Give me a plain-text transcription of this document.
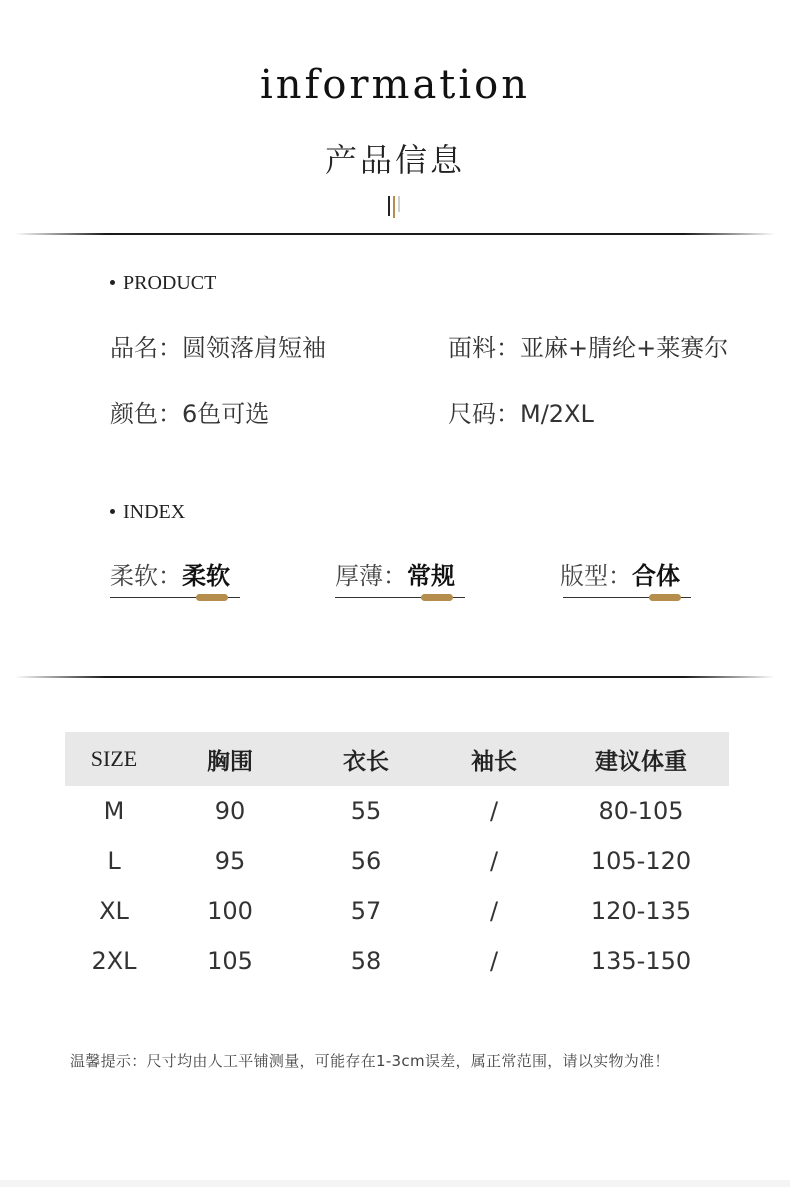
information
产品信息
PRODUCT
品名：圆领落肩短袖	面料：亚麻+腈纶+莱赛尔
颜色：6色可选	尺码：M/2XL
INDEX
柔软：柔软	厚薄：常规	版型：合体
SIZE	胸围	衣长	袖长	建议体重
M	90	55	/	80-105
L	95	56	/	105-120
XL	100	57	/	120-135
2XL	105	58	/	135-150
温馨提示：尺寸均由人工平铺测量，可能存在1-3cm误差，属正常范围，请以实物为准！
